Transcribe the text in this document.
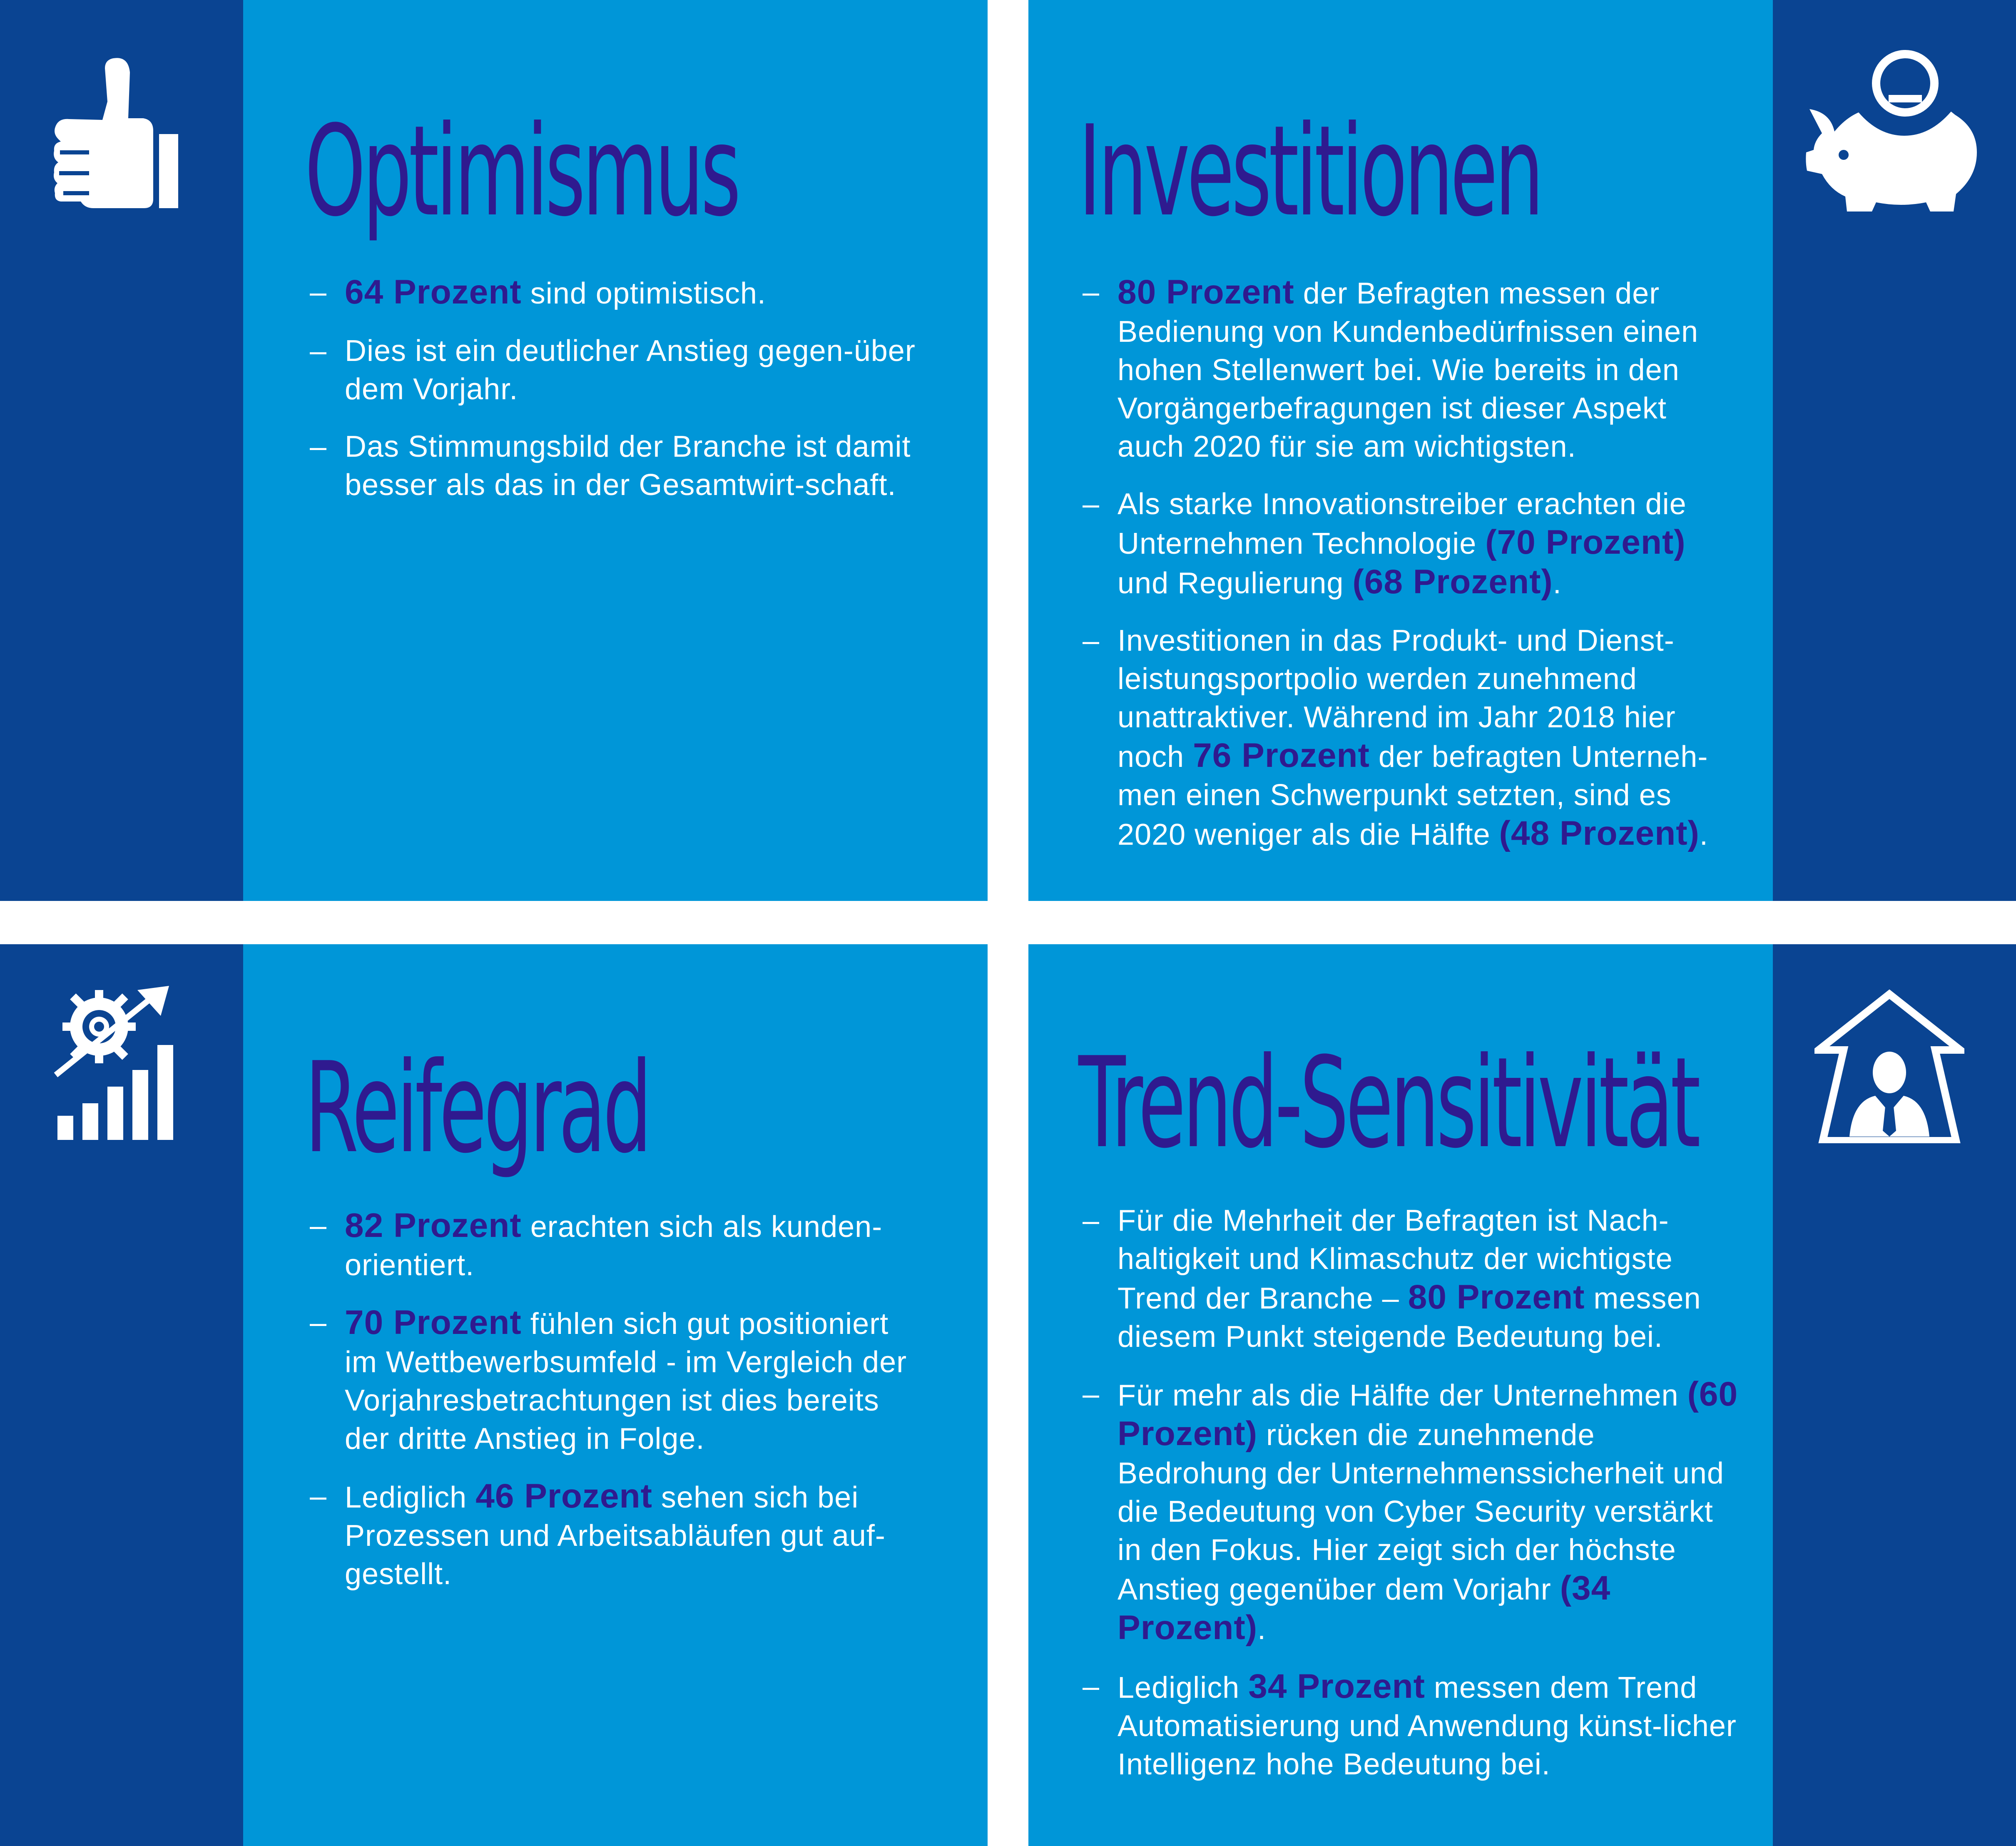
Optimismus
– 64 Prozent sind optimistisch.
– Dies ist ein deutlicher Anstieg gegen-über dem Vorjahr.
– Das Stimmungsbild der Branche ist damit besser als das in der Gesamtwirt-schaft.
Investitionen
– 80 Prozent der Befragten messen der Bedienung von Kundenbedürfnissen einen hohen Stellenwert bei. Wie bereits in den Vorgängerbefragungen ist dieser Aspekt auch 2020 für sie am wichtigsten.
– Als starke Innovationstreiber erachten die Unternehmen Technologie (70 Prozent) und Regulierung (68 Prozent).
– Investitionen in das Produkt- und Dienst-leistungsportpolio werden zunehmend unattraktiver. Während im Jahr 2018 hier noch 76 Prozent der befragten Unterneh-men einen Schwerpunkt setzten, sind es 2020 weniger als die Hälfte (48 Prozent).
Reifegrad
– 82 Prozent erachten sich als kunden-orientiert.
– 70 Prozent fühlen sich gut positioniert im Wettbewerbsumfeld - im Vergleich der Vorjahresbetrachtungen ist dies bereits der dritte Anstieg in Folge.
– Lediglich 46 Prozent sehen sich bei Prozessen und Arbeitsabläufen gut auf-gestellt.
Trend-Sensitivität
– Für die Mehrheit der Befragten ist Nach-haltigkeit und Klimaschutz der wichtigste Trend der Branche – 80 Prozent messen diesem Punkt steigende Bedeutung bei.
– Für mehr als die Hälfte der Unternehmen (60 Prozent) rücken die zunehmende Bedrohung der Unternehmenssicherheit und die Bedeutung von Cyber Security verstärkt in den Fokus. Hier zeigt sich der höchste Anstieg gegenüber dem Vorjahr (34 Prozent).
– Lediglich 34 Prozent messen dem Trend Automatisierung und Anwendung künst-licher Intelligenz hohe Bedeutung bei.
